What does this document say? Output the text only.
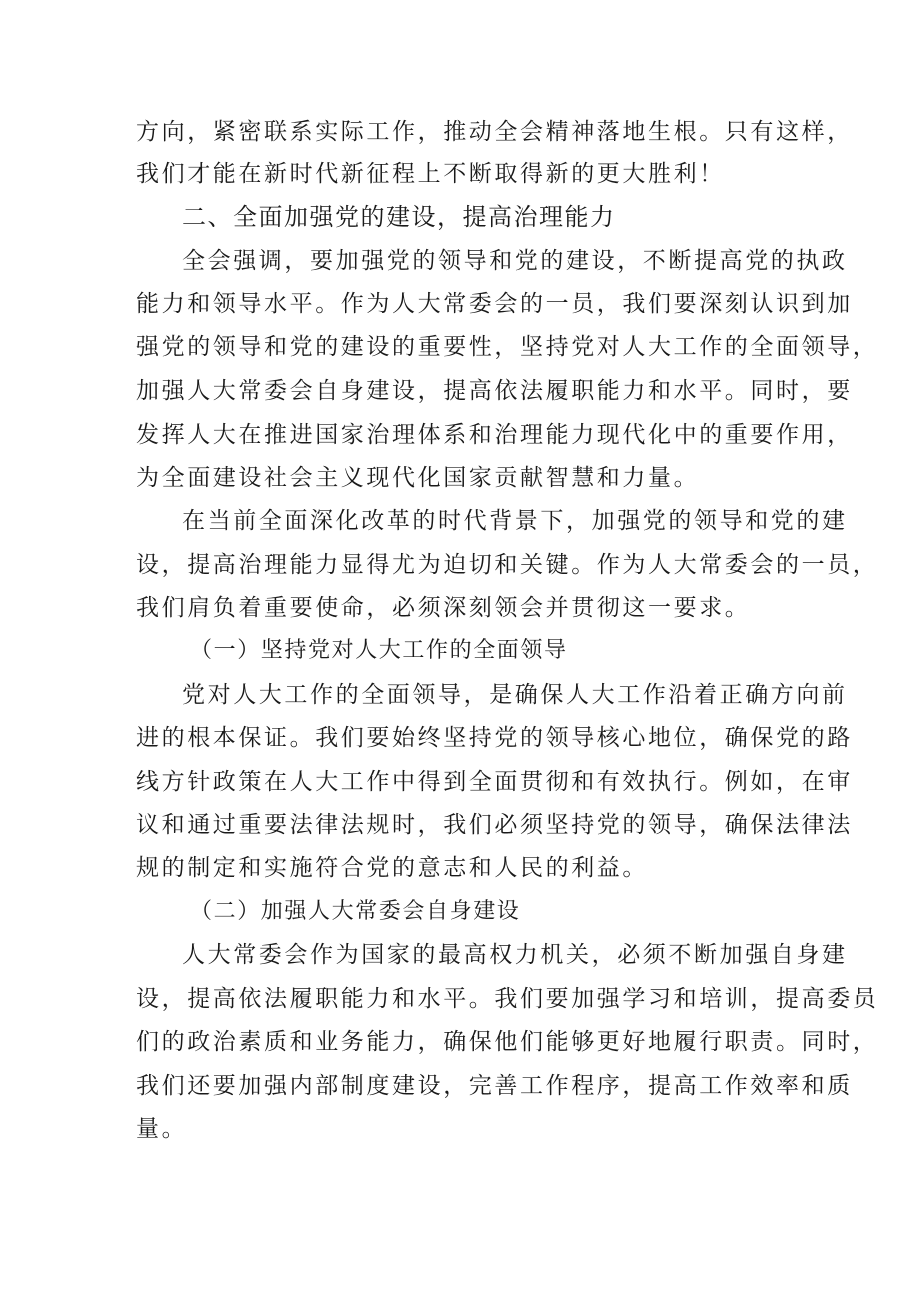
方向，紧密联系实际工作，推动全会精神落地生根。只有这样，
我们才能在新时代新征程上不断取得新的更大胜利！
二、全面加强党的建设，提高治理能力
全会强调，要加强党的领导和党的建设，不断提高党的执政
能力和领导水平。作为人大常委会的一员，我们要深刻认识到加
强党的领导和党的建设的重要性，坚持党对人大工作的全面领导，
加强人大常委会自身建设，提高依法履职能力和水平。同时，要
发挥人大在推进国家治理体系和治理能力现代化中的重要作用，
为全面建设社会主义现代化国家贡献智慧和力量。
在当前全面深化改革的时代背景下，加强党的领导和党的建
设，提高治理能力显得尤为迫切和关键。作为人大常委会的一员，
我们肩负着重要使命，必须深刻领会并贯彻这一要求。
（一）坚持党对人大工作的全面领导
党对人大工作的全面领导，是确保人大工作沿着正确方向前
进的根本保证。我们要始终坚持党的领导核心地位，确保党的路
线方针政策在人大工作中得到全面贯彻和有效执行。例如，在审
议和通过重要法律法规时，我们必须坚持党的领导，确保法律法
规的制定和实施符合党的意志和人民的利益。
（二）加强人大常委会自身建设
人大常委会作为国家的最高权力机关，必须不断加强自身建
设，提高依法履职能力和水平。我们要加强学习和培训，提高委员
们的政治素质和业务能力，确保他们能够更好地履行职责。同时，
我们还要加强内部制度建设，完善工作程序，提高工作效率和质
量。
